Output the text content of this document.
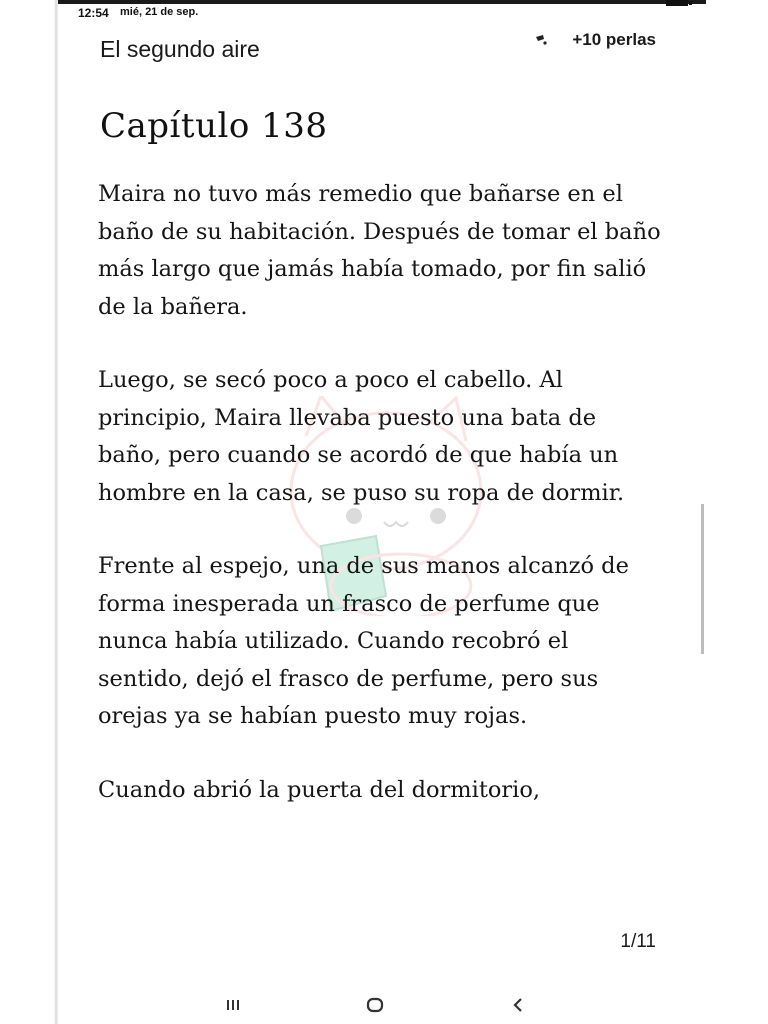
12:54 mié, 21 de sep.
El segundo aire	+10 perlas
Capítulo 138

Maira no tuvo más remedio que bañarse en el baño de su habitación. Después de tomar el baño más largo que jamás había tomado, por fin salió de la bañera.

Luego, se secó poco a poco el cabello. Al principio, Maira llevaba puesto una bata de baño, pero cuando se acordó de que había un hombre en la casa, se puso su ropa de dormir.

Frente al espejo, una de sus manos alcanzó de forma inesperada un frasco de perfume que nunca había utilizado. Cuando recobró el sentido, dejó el frasco de perfume, pero sus orejas ya se habían puesto muy rojas.

Cuando abrió la puerta del dormitorio,

1/11
